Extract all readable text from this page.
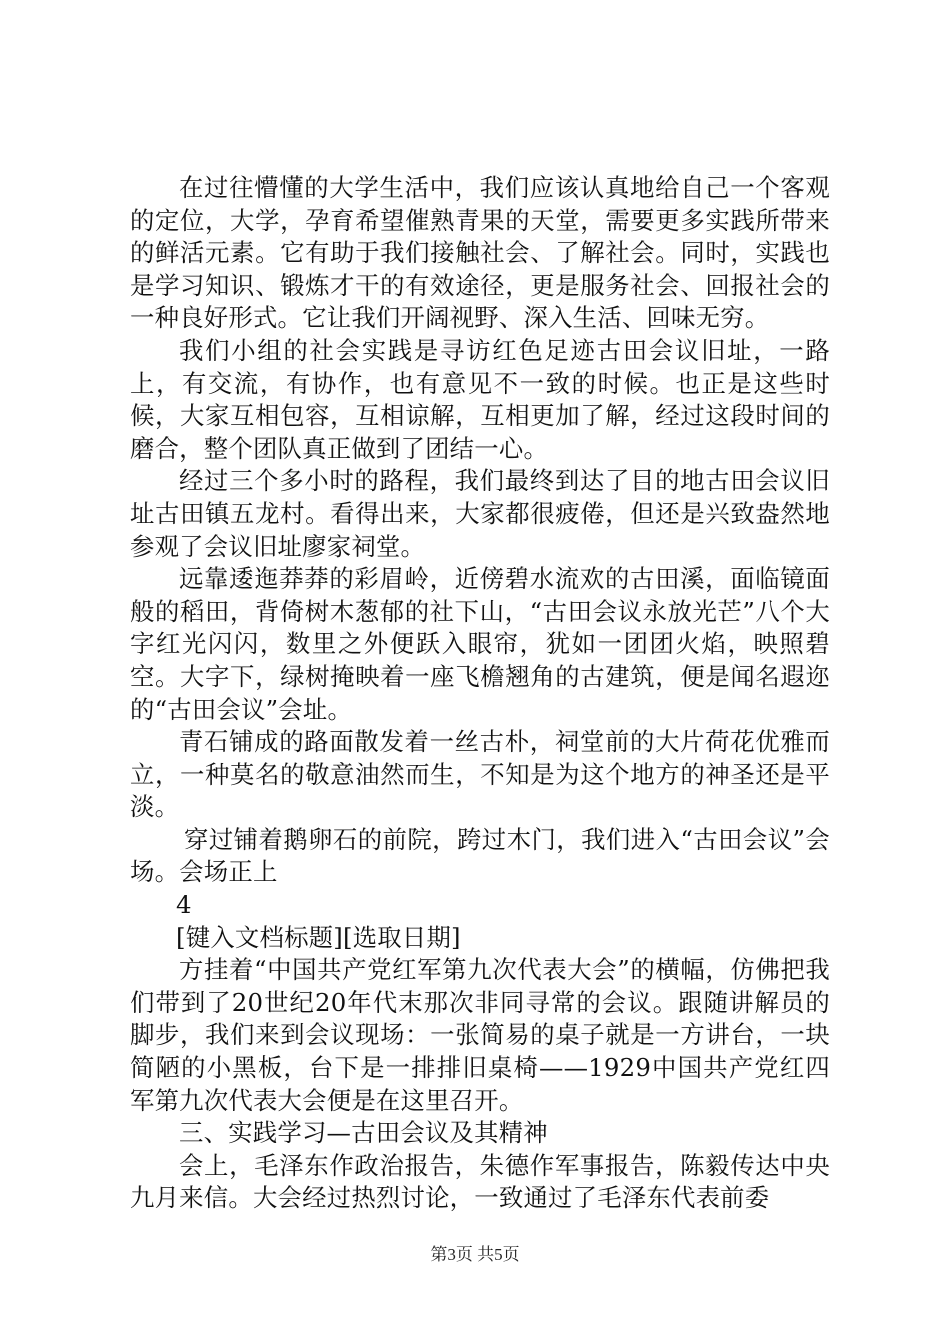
在过往懵懂的大学生活中，我们应该认真地给自己一个客观的定位，大学，孕育希望催熟青果的天堂，需要更多实践所带来的鲜活元素。它有助于我们接触社会、了解社会。同时，实践也是学习知识、锻炼才干的有效途径，更是服务社会、回报社会的一种良好形式。它让我们开阔视野、深入生活、回味无穷。

我们小组的社会实践是寻访红色足迹古田会议旧址，一路上，有交流，有协作，也有意见不一致的时候。也正是这些时候，大家互相包容，互相谅解，互相更加了解，经过这段时间的磨合，整个团队真正做到了团结一心。

经过三个多小时的路程，我们最终到达了目的地古田会议旧址古田镇五龙村。看得出来，大家都很疲倦，但还是兴致盎然地参观了会议旧址廖家祠堂。

远靠逶迤莽莽的彩眉岭，近傍碧水流欢的古田溪，面临镜面般的稻田，背倚树木葱郁的社下山，“古田会议永放光芒”八个大字红光闪闪，数里之外便跃入眼帘，犹如一团团火焰，映照碧空。大字下，绿树掩映着一座飞檐翘角的古建筑，便是闻名遐迩的“古田会议”会址。

青石铺成的路面散发着一丝古朴，祠堂前的大片荷花优雅而立，一种莫名的敬意油然而生，不知是为这个地方的神圣还是平淡。

穿过铺着鹅卵石的前院，跨过木门，我们进入“古田会议”会场。会场正上

4

[键入文档标题][选取日期]

方挂着“中国共产党红军第九次代表大会”的横幅，仿佛把我们带到了20世纪20年代末那次非同寻常的会议。跟随讲解员的脚步，我们来到会议现场：一张简易的桌子就是一方讲台，一块简陋的小黑板，台下是一排排旧桌椅——1929中国共产党红四军第九次代表大会便是在这里召开。

三、实践学习—古田会议及其精神

会上，毛泽东作政治报告，朱德作军事报告，陈毅传达中央九月来信。大会经过热烈讨论，一致通过了毛泽东代表前委

第3页 共5页
